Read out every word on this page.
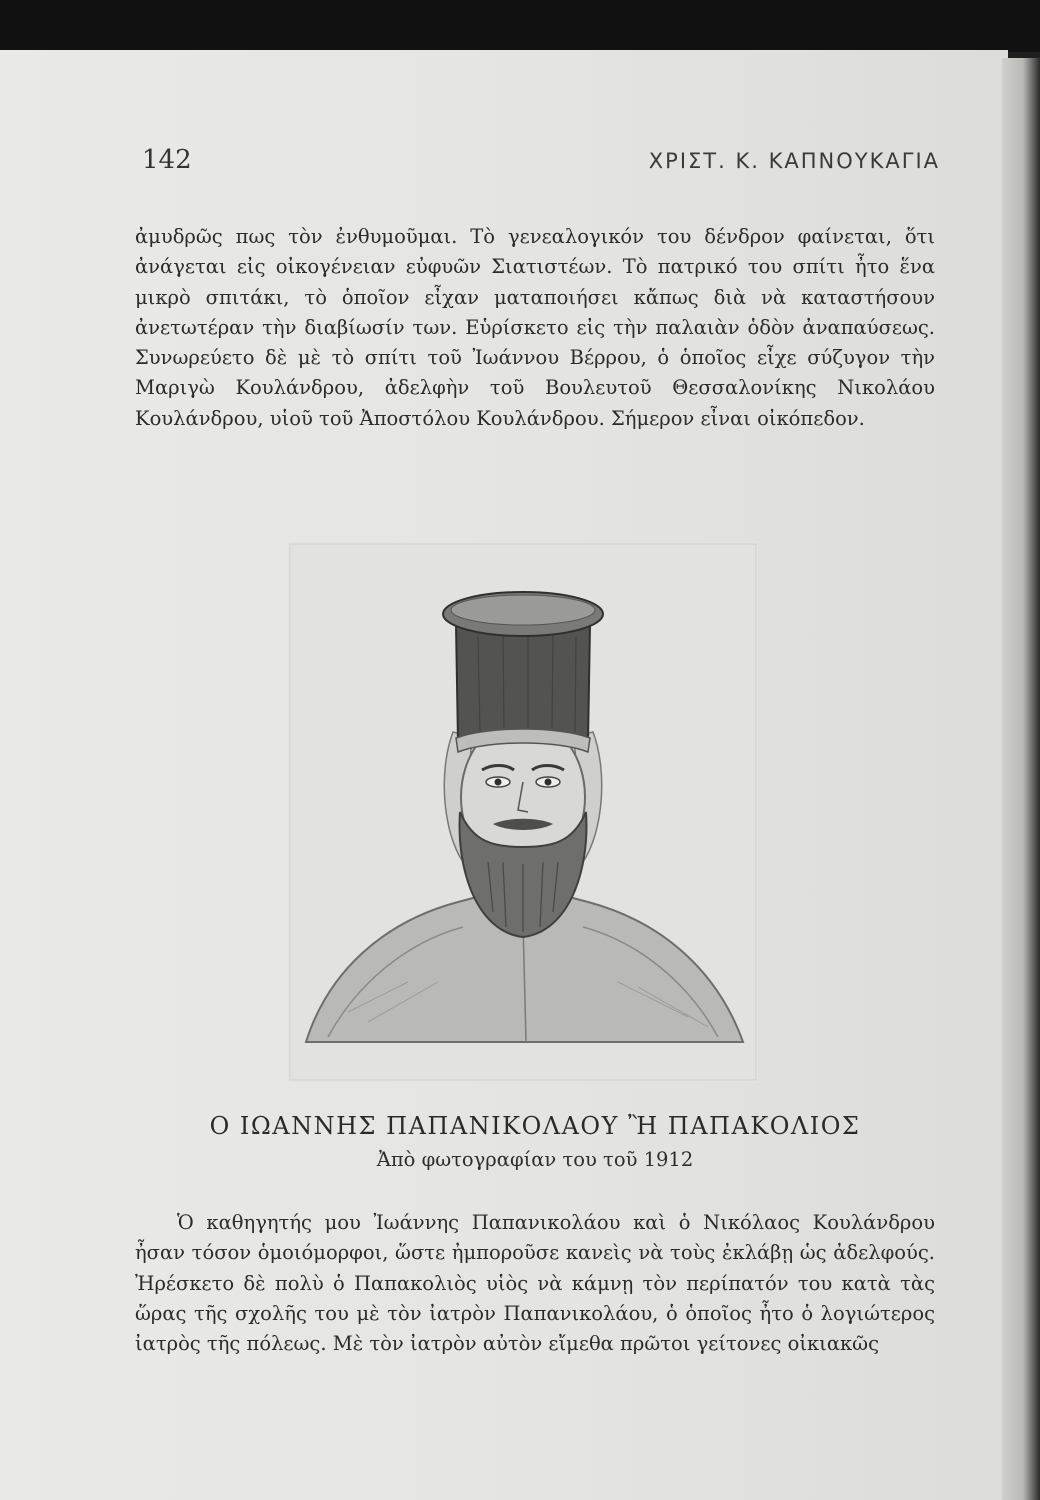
142	ΧΡΙΣΤ. Κ. ΚΑΠΝΟΥΚΑΓΙΑ

ἀμυδρῶς πως τὸν ἐνθυμοῦμαι. Τὸ γενεαλογικόν του δένδρον φαίνεται, ὅτι ἀνάγεται εἰς οἰκογένειαν εὐφυῶν Σιατιστέων. Τὸ πατρικό του σπίτι ἦτο ἕνα μικρὸ σπιτάκι, τὸ ὁποῖον εἶχαν ματαποιήσει κἄπως διὰ νὰ καταστήσουν ἀνετωτέραν τὴν διαβίωσίν των. Εὑρίσκετο εἰς τὴν παλαιὰν ὁδὸν ἀναπαύσεως. Συνωρεύετο δὲ μὲ τὸ σπίτι τοῦ Ἰωάννου Βέρρου, ὁ ὁποῖος εἶχε σύζυγον τὴν Μαριγὼ Κουλάνδρου, ἀδελφὴν τοῦ Βουλευτοῦ Θεσσαλονίκης Νικολάου Κουλάνδρου, υἱοῦ τοῦ Ἀποστόλου Κουλάνδρου. Σήμερον εἶναι οἰκόπεδον.

Ο ΙΩΑΝΝΗΣ ΠΑΠΑΝΙΚΟΛΑΟΥ Ἢ ΠΑΠΑΚΟΛΙΟΣ
Ἀπὸ φωτογραφίαν του τοῦ 1912

Ὁ καθηγητής μου Ἰωάννης Παπανικολάου καὶ ὁ Νικόλαος Κουλάνδρου ἦσαν τόσον ὁμοιόμορφοι, ὥστε ἠμποροῦσε κανεὶς νὰ τοὺς ἐκλάβῃ ὡς ἀδελφούς. Ἠρέσκετο δὲ πολὺ ὁ Παπακολιὸς υἱὸς νὰ κάμνῃ τὸν περίπατόν του κατὰ τὰς ὥρας τῆς σχολῆς του μὲ τὸν ἰατρὸν Παπανικολάου, ὁ ὁποῖος ἦτο ὁ λογιώτερος ἰατρὸς τῆς πόλεως. Μὲ τὸν ἰατρὸν αὐτὸν εἴμεθα πρῶτοι γείτονες οἰκιακῶς
